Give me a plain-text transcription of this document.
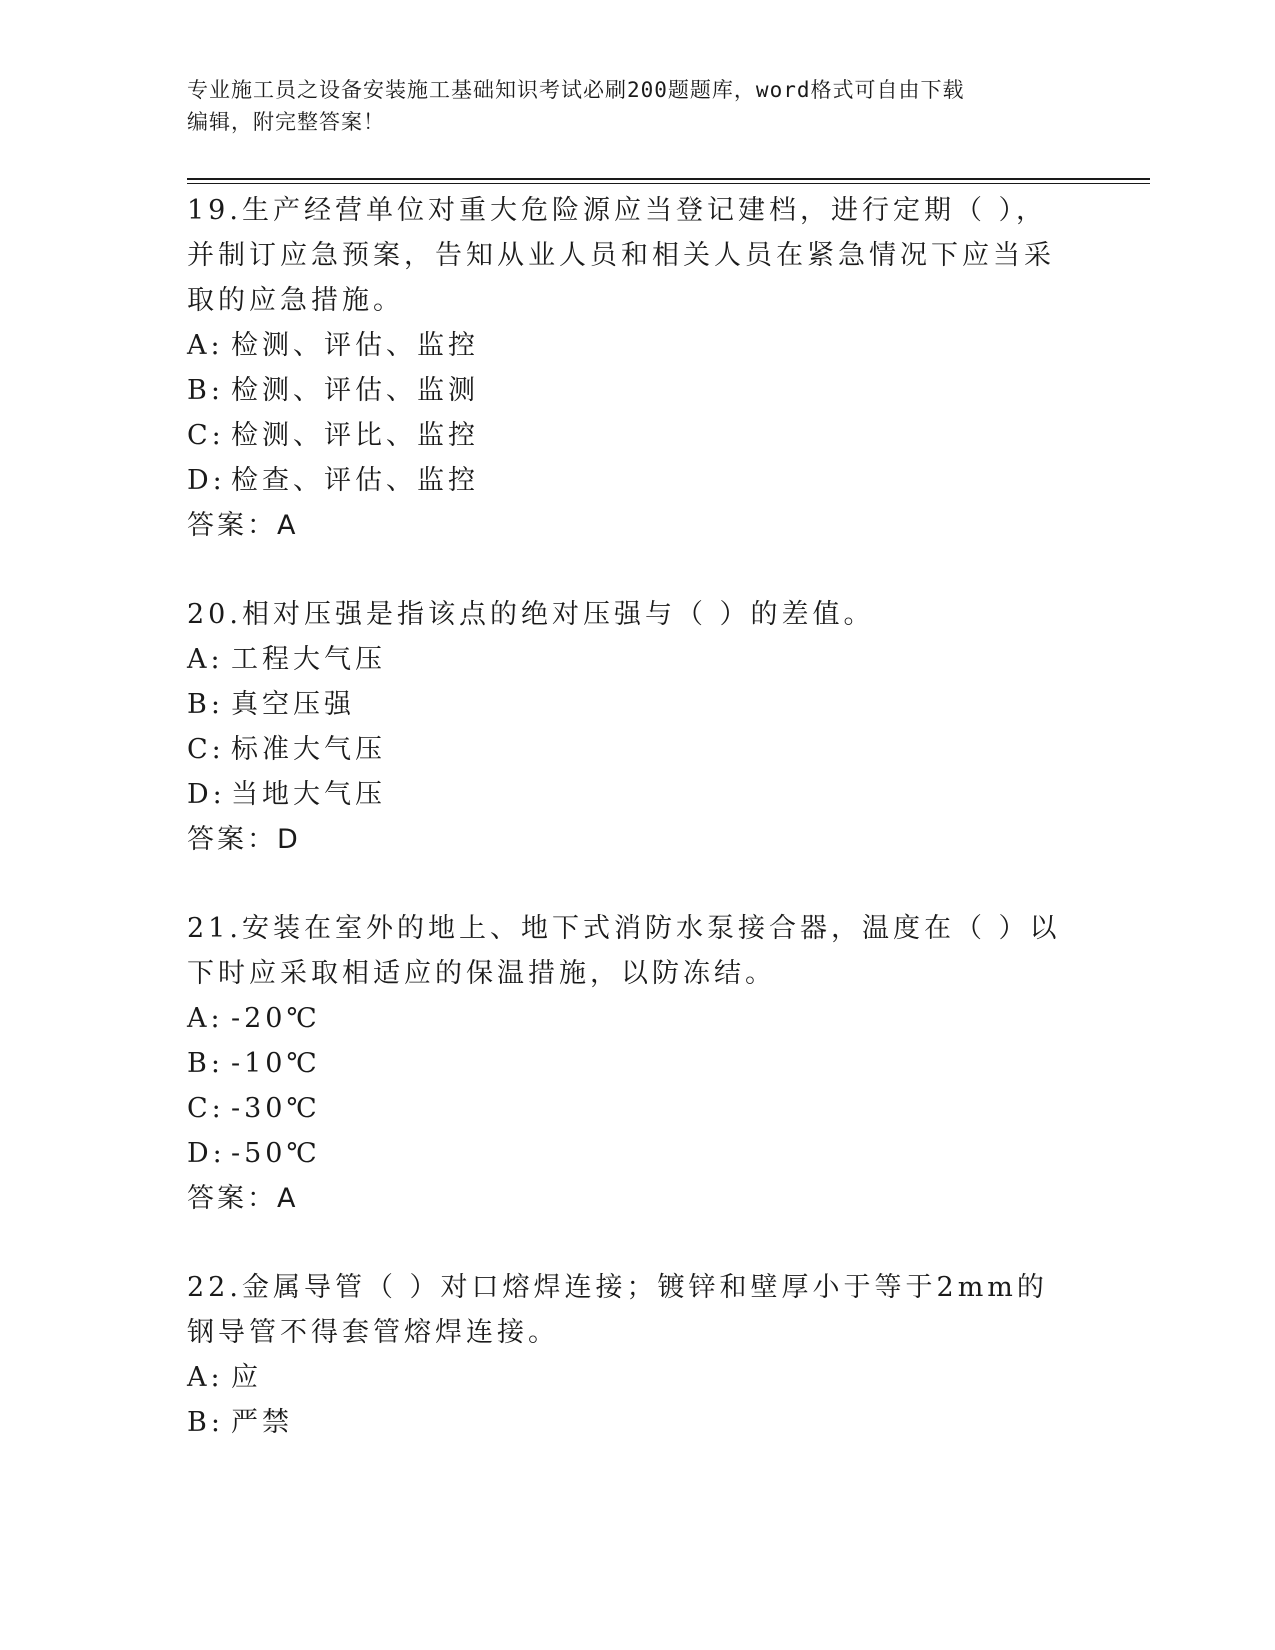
专业施工员之设备安装施工基础知识考试必刷200题题库，word格式可自由下载
编辑，附完整答案！

19.生产经营单位对重大危险源应当登记建档，进行定期（ ），并制订应急预案，告知从业人员和相关人员在紧急情况下应当采取的应急措施。

A: 检测、评估、监控

B: 检测、评估、监测

C: 检测、评比、监控

D: 检查、评估、监控

答案：A

20.相对压强是指该点的绝对压强与（ ）的差值。

A: 工程大气压

B: 真空压强

C: 标准大气压

D: 当地大气压

答案：D

21.安装在室外的地上、地下式消防水泵接合器，温度在（ ）以下时应采取相适应的保温措施，以防冻结。

A: -20℃

B: -10℃

C: -30℃

D: -50℃

答案：A

22.金属导管（ ）对口熔焊连接；镀锌和壁厚小于等于2mm的钢导管不得套管熔焊连接。

A: 应

B: 严禁
